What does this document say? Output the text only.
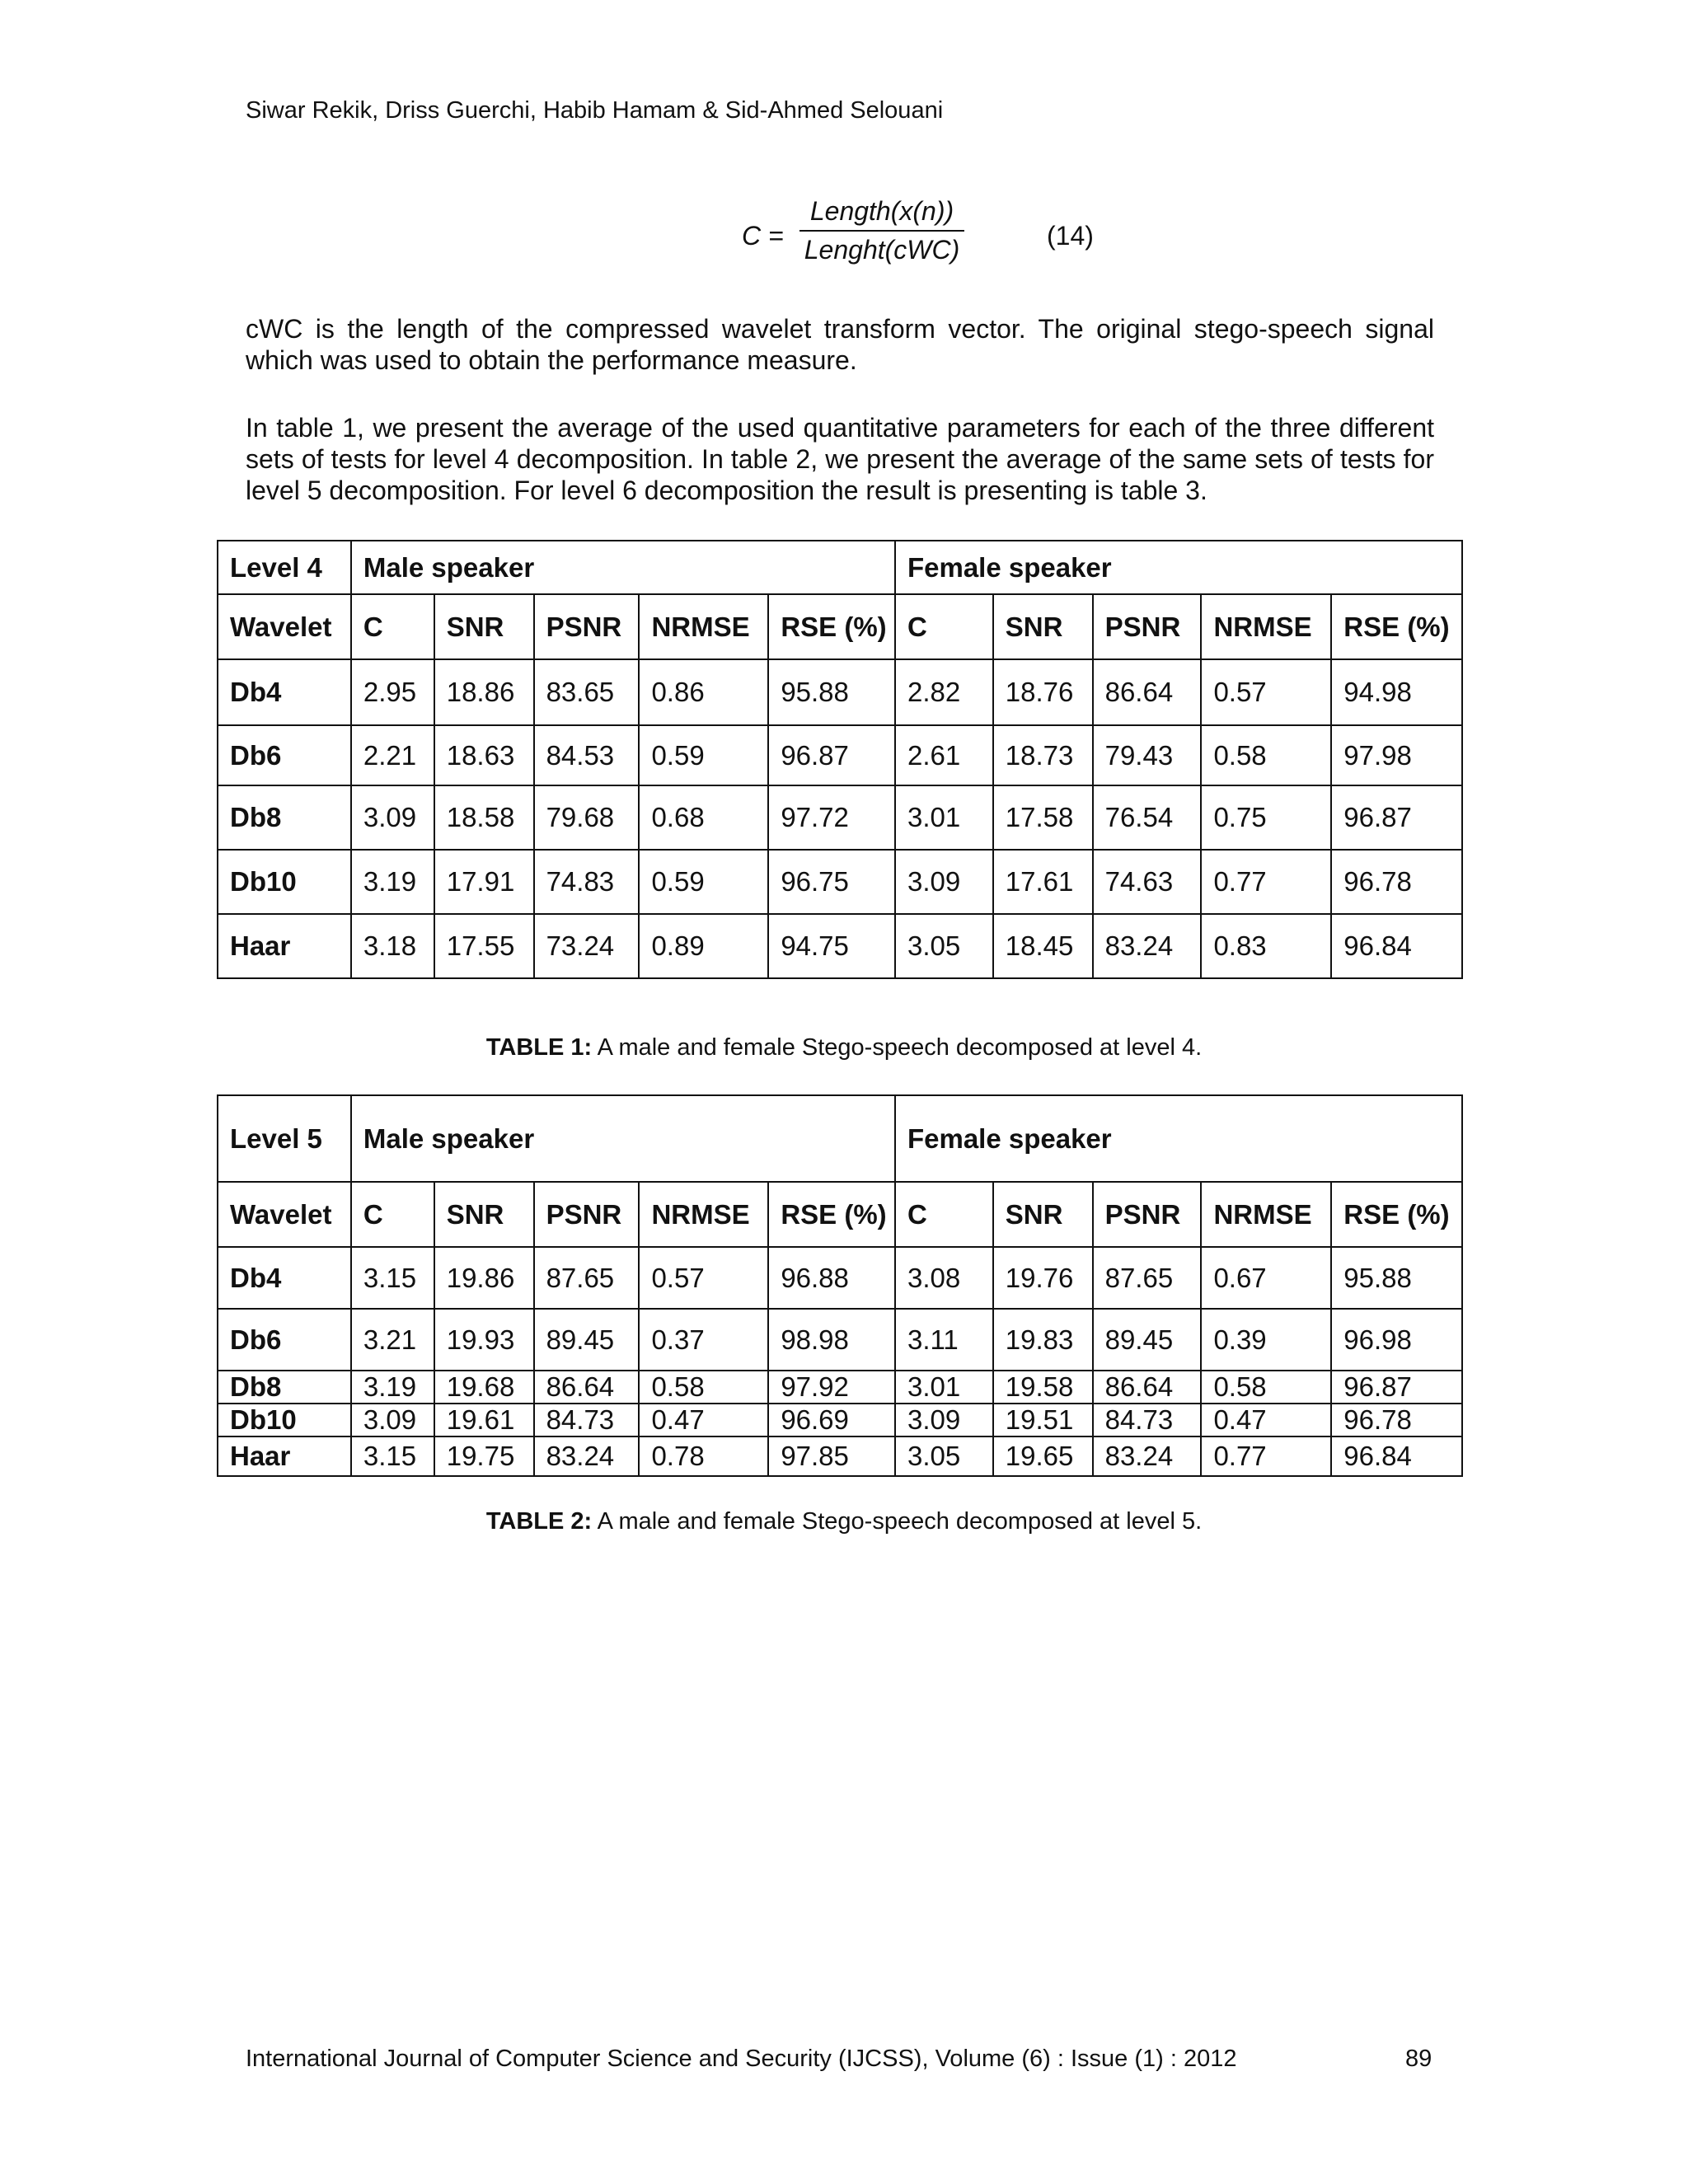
Siwar Rekik, Driss Guerchi, Habib Hamam & Sid-Ahmed Selouani
C =
Length(x(n))
Lenght(cWC)	(14)

cWC is the length of the compressed wavelet transform vector. The original stego-speech signal which was used to obtain the performance measure.

In table 1, we present the average of the used quantitative parameters for each of the three different sets of tests for level 4 decomposition. In table 2, we present the average of the same sets of tests for level 5 decomposition. For level 6 decomposition the result is presenting is table 3.

Level 4	Male speaker					Female speaker				
Wavelet	C	SNR	PSNR	NRMSE	RSE (%)	C	SNR	PSNR	NRMSE	RSE (%)
Db4	2.95	18.86	83.65	0.86	95.88	2.82	18.76	86.64	0.57	94.98
Db6	2.21	18.63	84.53	0.59	96.87	2.61	18.73	79.43	0.58	97.98
Db8	3.09	18.58	79.68	0.68	97.72	3.01	17.58	76.54	0.75	96.87
Db10	3.19	17.91	74.83	0.59	96.75	3.09	17.61	74.63	0.77	96.78
Haar	3.18	17.55	73.24	0.89	94.75	3.05	18.45	83.24	0.83	96.84
TABLE 1: A male and female Stego-speech decomposed at level 4.
Level 5	Male speaker					Female speaker				
Wavelet	C	SNR	PSNR	NRMSE	RSE (%)	C	SNR	PSNR	NRMSE	RSE (%)
Db4	3.15	19.86	87.65	0.57	96.88	3.08	19.76	87.65	0.67	95.88
Db6	3.21	19.93	89.45	0.37	98.98	3.11	19.83	89.45	0.39	96.98
Db8	3.19	19.68	86.64	0.58	97.92	3.01	19.58	86.64	0.58	96.87
Db10	3.09	19.61	84.73	0.47	96.69	3.09	19.51	84.73	0.47	96.78
Haar	3.15	19.75	83.24	0.78	97.85	3.05	19.65	83.24	0.77	96.84
TABLE 2: A male and female Stego-speech decomposed at level 5.
International Journal of Computer Science and Security (IJCSS), Volume (6) : Issue (1) : 2012	89
